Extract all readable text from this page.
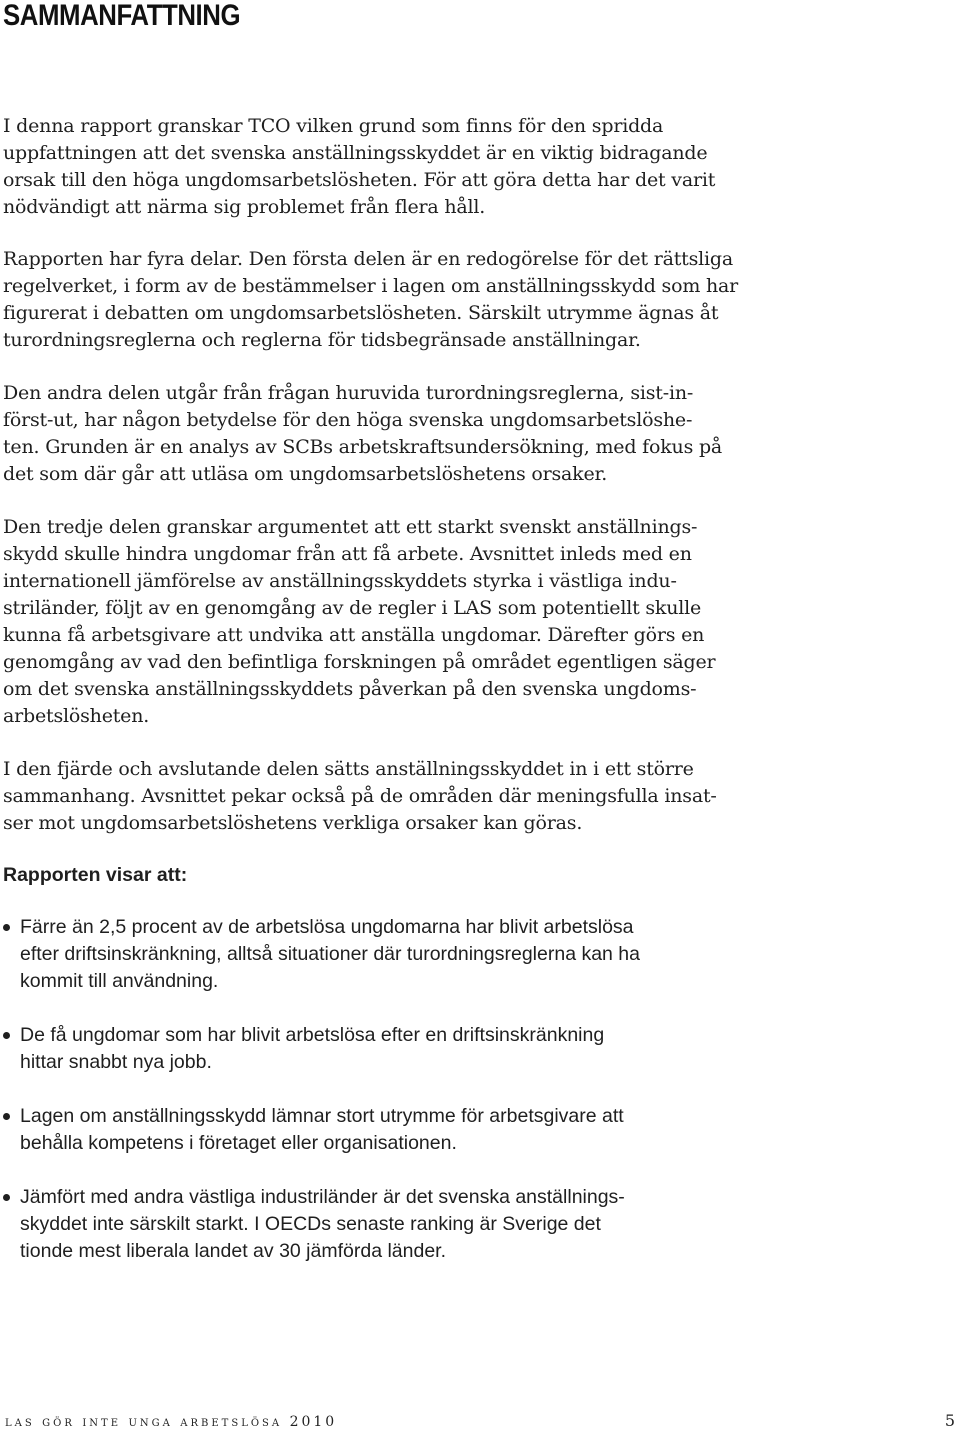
SAMMANFATTNING

I denna rapport granskar TCO vilken grund som finns för den spridda
uppfattningen att det svenska anställningsskyddet är en viktig bidragande
orsak till den höga ungdomsarbetslösheten. För att göra detta har det varit
nödvändigt att närma sig problemet från flera håll.

Rapporten har fyra delar. Den första delen är en redogörelse för det rättsliga
regelverket, i form av de bestämmelser i lagen om anställningsskydd som har
figurerat i debatten om ungdomsarbetslösheten. Särskilt utrymme ägnas åt
turordningsreglerna och reglerna för tidsbegränsade anställningar.

Den andra delen utgår från frågan huruvida turordningsreglerna, sist-in-
först-ut, har någon betydelse för den höga svenska ungdomsarbetslöshe-
ten. Grunden är en analys av SCBs arbetskraftsundersökning, med fokus på
det som där går att utläsa om ungdomsarbetslöshetens orsaker.

Den tredje delen granskar argumentet att ett starkt svenskt anställnings-
skydd skulle hindra ungdomar från att få arbete. Avsnittet inleds med en
internationell jämförelse av anställningsskyddets styrka i västliga indu-
striländer, följt av en genomgång av de regler i LAS som potentiellt skulle
kunna få arbetsgivare att undvika att anställa ungdomar. Därefter görs en
genomgång av vad den befintliga forskningen på området egentligen säger
om det svenska anställningsskyddets påverkan på den svenska ungdoms-
arbetslösheten.

I den fjärde och avslutande delen sätts anställningsskyddet in i ett större
sammanhang. Avsnittet pekar också på de områden där meningsfulla insat-
ser mot ungdomsarbetslöshetens verkliga orsaker kan göras.

Rapporten visar att:
Färre än 2,5 procent av de arbetslösa ungdomarna har blivit arbetslösa
efter driftsinskränkning, alltså situationer där turordningsreglerna kan ha
kommit till användning.
De få ungdomar som har blivit arbetslösa efter en driftsinskränkning
hittar snabbt nya jobb.
Lagen om anställningsskydd lämnar stort utrymme för arbetsgivare att
behålla kompetens i företaget eller organisationen.
Jämfört med andra västliga industriländer är det svenska anställnings-
skyddet inte särskilt starkt. I OECDs senaste ranking är Sverige det
tionde mest liberala landet av 30 jämförda länder.
las gör inte unga arbetslösa 2010	5
